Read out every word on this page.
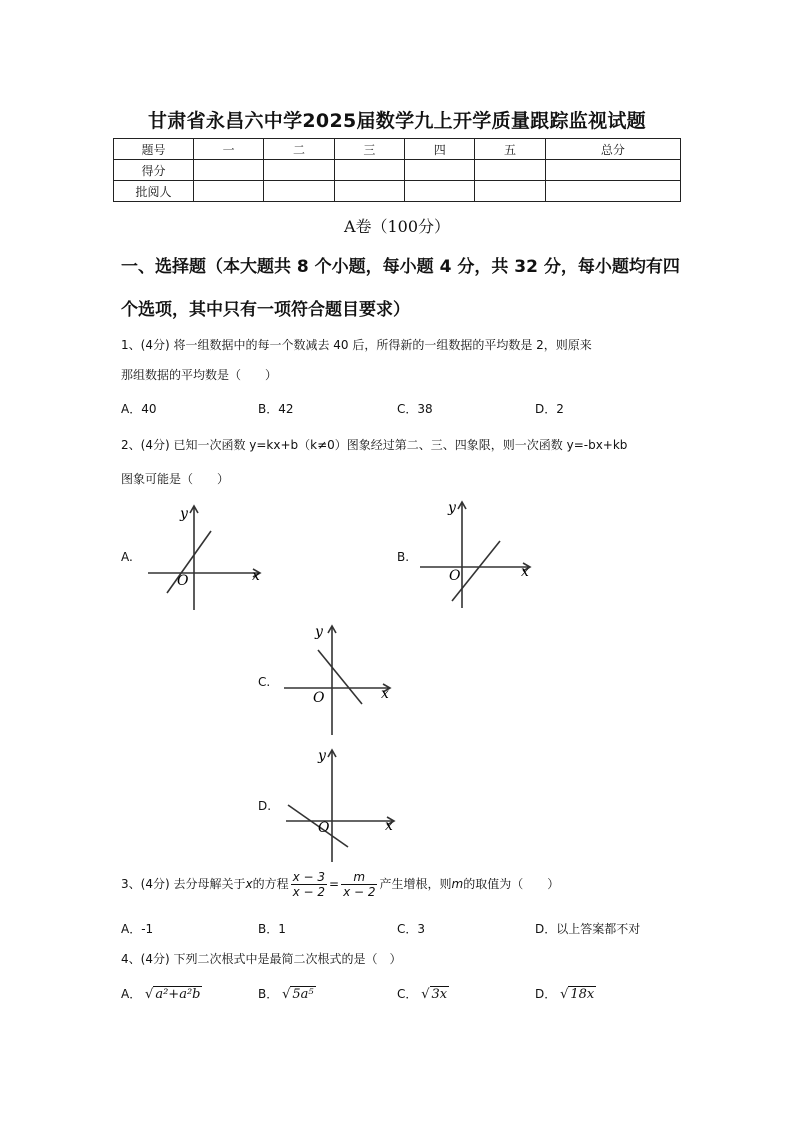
甘肃省永昌六中学2025届数学九上开学质量跟踪监视试题
题号	一	二	三	四	五	总分
得分						
批阅人						
A卷（100分）
一、选择题（本大题共 8 个小题，每小题 4 分，共 32 分，每小题均有四个选项，其中只有一项符合题目要求）
1、(4分) 将一组数据中的每一个数减去 40 后，所得新的一组数据的平均数是 2，则原来
那组数据的平均数是（　　）
A．40	B．42	C．38	D．2
2、(4分) 已知一次函数 y=kx+b（k≠0）图象经过第二、三、四象限，则一次函数 y=-bx+kb
图象可能是（　　）
A.
y
x
O
B.
y
x
O
C.
y
x
O
D.
y
x
O
3、(4分) 去分母解关于x的方程 $\frac{x - 3}{x - 2} = \frac{m}{x - 2}$ 产生增根，则m的取值为（　　）
A．-1	B．1	C．3	D．以上答案都不对
4、(4分) 下列二次根式中是最简二次根式的是（　）
A． √ a²+a²b	B． √ 5a⁵	C． √ 3x	D． √ 18x
